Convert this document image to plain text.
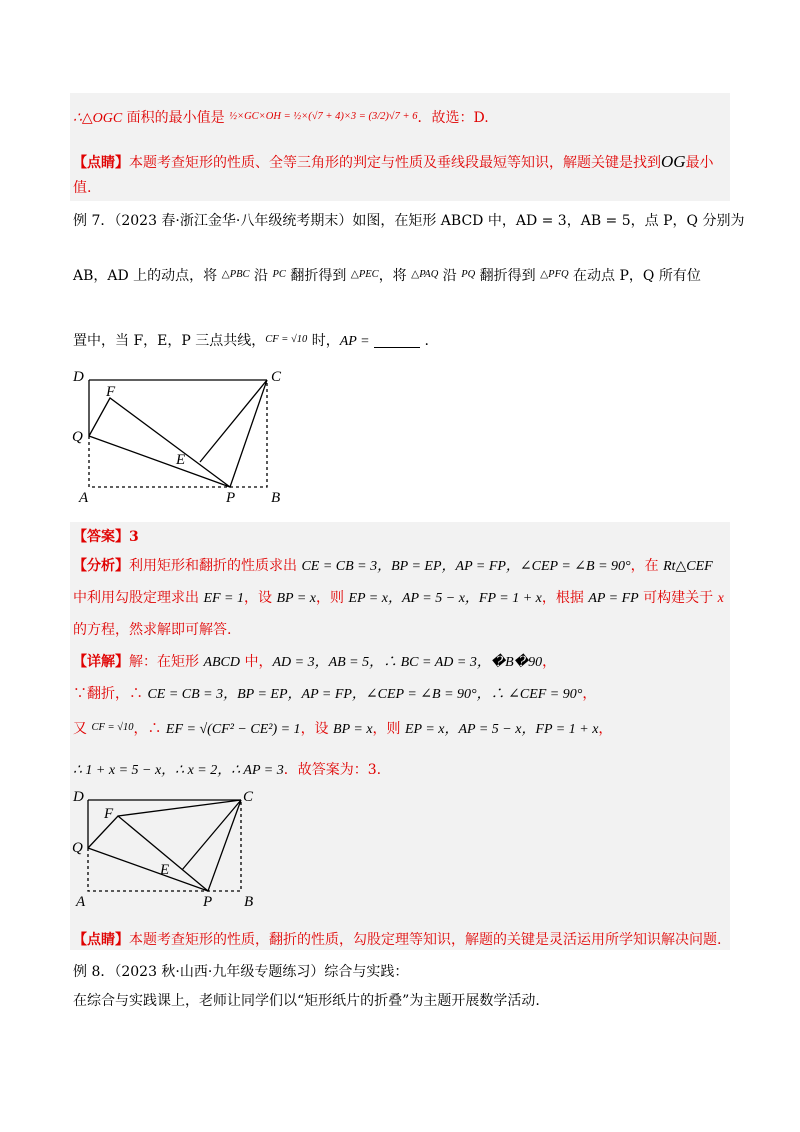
∴△OGC 面积的最小值是 $^{\frac{1}{2}\times GC\times OH = \frac{1}{2}\times(√7 + 4)\times 3 = (3/2)√7 + 6}$．故选：D.
【点睛】本题考查矩形的性质、全等三角形的判定与性质及垂线段最短等知识，解题关键是找到OG最小
值.
例 7．（2023 春·浙江金华·八年级统考期末）如图，在矩形 ABCD 中，AD = 3，AB = 5，点 P，Q 分别为
AB，AD 上的动点，将 $^{\triangle PBC}$ 沿 $^{PC}$ 翻折得到 $^{\triangle PEC}$，将 $^{\triangle PAQ}$ 沿 $^{PQ}$ 翻折得到 $^{\triangle PFQ}$ 在动点 P，Q 所有位
置中，当 F，E，P 三点共线，$^{CF = √10}$ 时，AP =	.
D	C
F
Q
E
A	P B
【答案】3
【分析】利用矩形和翻折的性质求出 CE = CB = 3，BP = EP，AP = FP，∠CEP = ∠B = 90°，在 Rt△CEF
中利用勾股定理求出 EF = 1，设 BP = x，则 EP = x，AP = 5 − x，FP = 1 + x，根据 AP = FP 可构建关于 x
的方程，然求解即可解答.
【详解】解：在矩形 ABCD 中，AD = 3，AB = 5，∴ BC = AD = 3，�B�90，
∵翻折，∴ CE = CB = 3，BP = EP，AP = FP，∠CEP = ∠B = 90°，∴ ∠CEF = 90°，
又 $^{CF = √10}$，∴ EF = √(CF² − CE²) = 1，设 BP = x，则 EP = x，AP = 5 − x，FP = 1 + x，
∴ 1 + x = 5 − x，∴ x = 2，∴ AP = 3．故答案为：3.
D	C
F
Q
E
A	P B
【点睛】本题考查矩形的性质，翻折的性质，勾股定理等知识，解题的关键是灵活运用所学知识解决问题.
例 8．（2023 秋·山西·九年级专题练习）综合与实践：
在综合与实践课上，老师让同学们以“矩形纸片的折叠”为主题开展数学活动.
